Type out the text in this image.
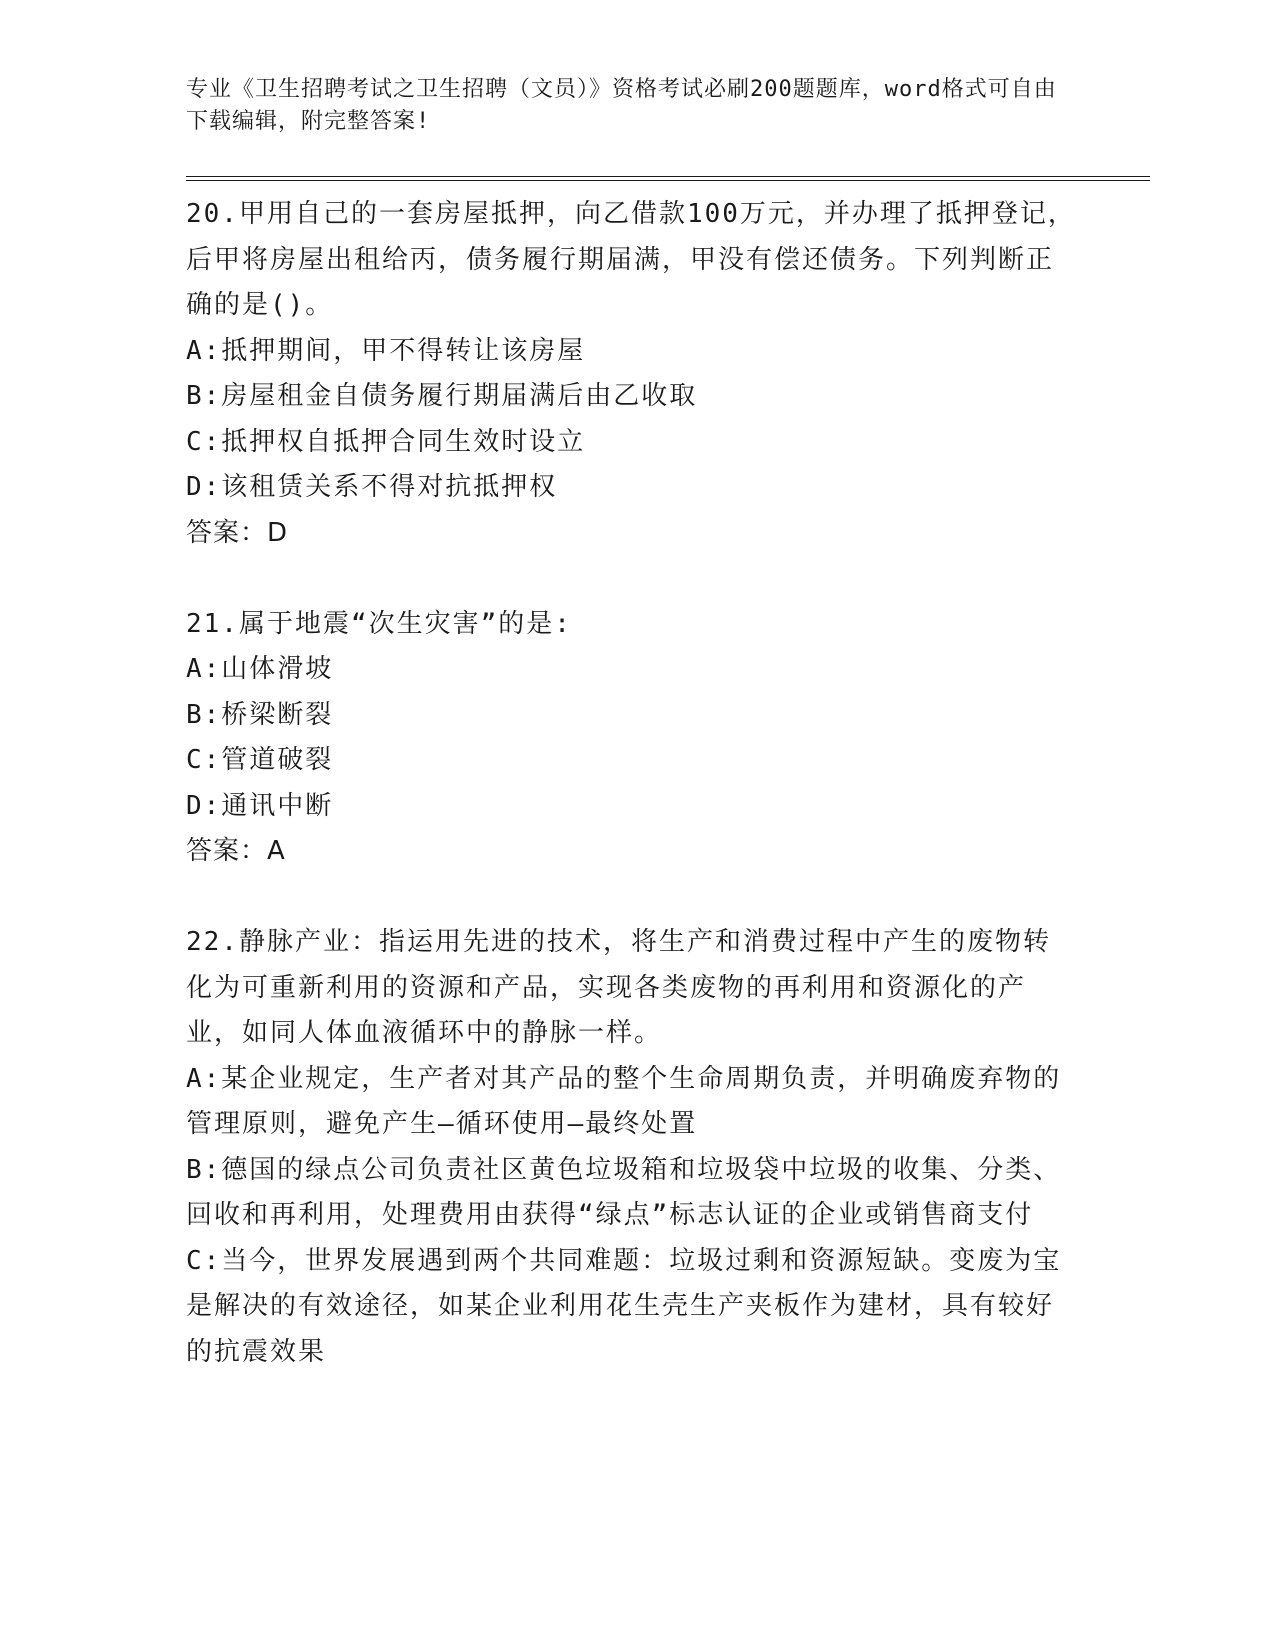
专业《卫生招聘考试之卫生招聘（文员）》资格考试必刷200题题库，word格式可自由下载编辑，附完整答案!

20.甲用自己的一套房屋抵押，向乙借款100万元，并办理了抵押登记，后甲将房屋出租给丙，债务履行期届满，甲没有偿还债务。下列判断正确的是()。

A:抵押期间，甲不得转让该房屋

B:房屋租金自债务履行期届满后由乙收取

C:抵押权自抵押合同生效时设立

D:该租赁关系不得对抗抵押权

答案：D

21.属于地震“次生灾害”的是:

A:山体滑坡

B:桥梁断裂

C:管道破裂

D:通讯中断

答案：A

22.静脉产业：指运用先进的技术，将生产和消费过程中产生的废物转化为可重新利用的资源和产品，实现各类废物的再利用和资源化的产业，如同人体血液循环中的静脉一样。

A:某企业规定，生产者对其产品的整个生命周期负责，并明确废弃物的管理原则，避免产生—循环使用—最终处置

B:德国的绿点公司负责社区黄色垃圾箱和垃圾袋中垃圾的收集、分类、回收和再利用，处理费用由获得“绿点”标志认证的企业或销售商支付

C:当今，世界发展遇到两个共同难题：垃圾过剩和资源短缺。变废为宝是解决的有效途径，如某企业利用花生壳生产夹板作为建材，具有较好的抗震效果
